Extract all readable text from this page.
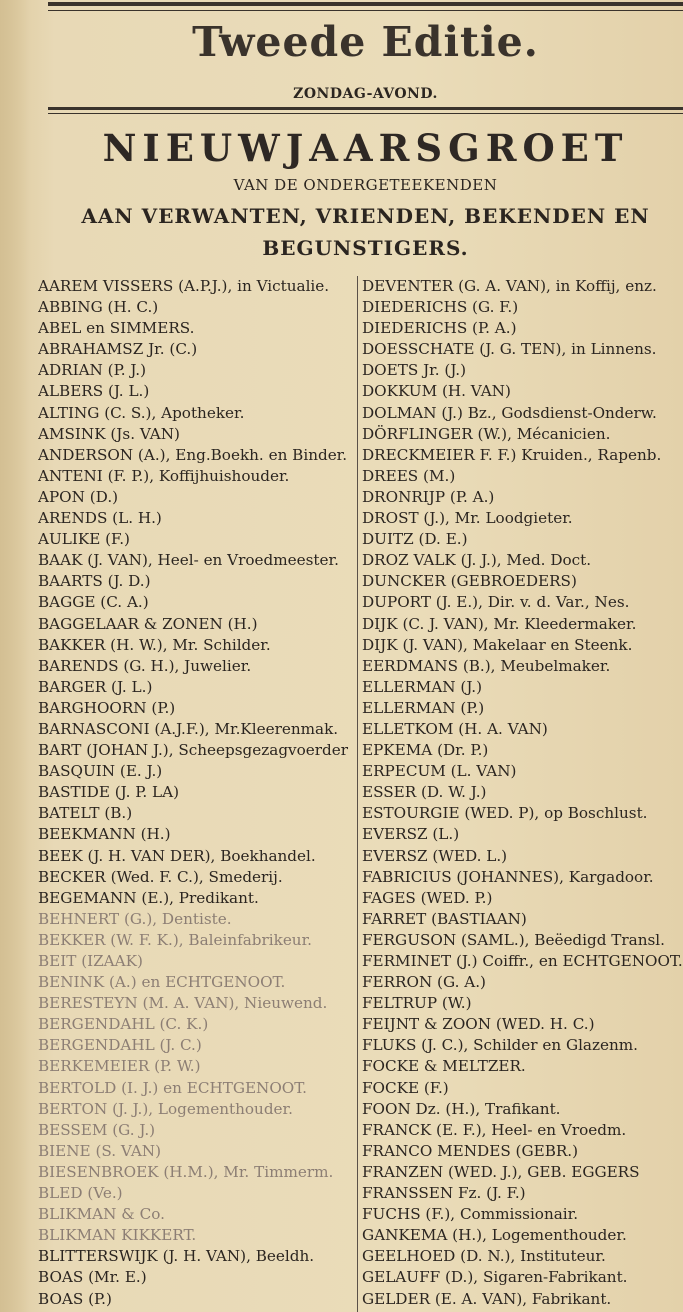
Tweede Editie.
ZONDAG-AVOND.
NIEUWJAARSGROET
VAN DE ONDERGETEEKENDEN
AAN VERWANTEN, VRIENDEN, BEKENDEN EN
BEGUNSTIGERS.
AAREM VISSERS (A.P.J.), in Victualie.
ABBING (H. C.)
ABEL en SIMMERS.
ABRAHAMSZ Jr. (C.)
ADRIAN (P. J.)
ALBERS (J. L.)
ALTING (C. S.), Apotheker.
AMSINK (Js. VAN)
ANDERSON (A.), Eng.Boekh. en Binder.
ANTENI (F. P.), Koffijhuishouder.
APON (D.)
ARENDS (L. H.)
AULIKE (F.)
BAAK (J. VAN), Heel- en Vroedmeester.
BAARTS (J. D.)
BAGGE (C. A.)
BAGGELAAR & ZONEN (H.)
BAKKER (H. W.), Mr. Schilder.
BARENDS (G. H.), Juwelier.
BARGER (J. L.)
BARGHOORN (P.)
BARNASCONI (A.J.F.), Mr.Kleerenmak.
BART (JOHAN J.), Scheepsgezagvoerder
BASQUIN (E. J.)
BASTIDE (J. P. LA)
BATELT (B.)
BEEKMANN (H.)
BEEK (J. H. VAN DER), Boekhandel.
BECKER (Wed. F. C.), Smederij.
BEGEMANN (E.), Predikant.
BEHNERT (G.), Dentiste.
BEKKER (W. F. K.), Baleinfabrikeur.
BEIT (IZAAK)
BENINK (A.) en ECHTGENOOT.
BERESTEYN (M. A. VAN), Nieuwend.
BERGENDAHL (C. K.)
BERGENDAHL (J. C.)
BERKEMEIER (P. W.)
BERTOLD (I. J.) en ECHTGENOOT.
BERTON (J. J.), Logementhouder.
BESSEM (G. J.)
BIENE (S. VAN)
BIESENBROEK (H.M.), Mr. Timmerm.
BLED (Ve.)
BLIKMAN & Co.
BLIKMAN KIKKERT.
BLITTERSWIJK (J. H. VAN), Beeldh.
BOAS (Mr. E.)
BOAS (P.)
DEVENTER (G. A. VAN), in Koffij, enz.
DIEDERICHS (G. F.)
DIEDERICHS (P. A.)
DOESSCHATE (J. G. TEN), in Linnens.
DOETS Jr. (J.)
DOKKUM (H. VAN)
DOLMAN (J.) Bz., Godsdienst-Onderw.
DÖRFLINGER (W.), Mécanicien.
DRECKMEIER F. F.) Kruiden., Rapenb.
DREES (M.)
DRONRIJP (P. A.)
DROST (J.), Mr. Loodgieter.
DUITZ (D. E.)
DROZ VALK (J. J.), Med. Doct.
DUNCKER (GEBROEDERS)
DUPORT (J. E.), Dir. v. d. Var., Nes.
DIJK (C. J. VAN), Mr. Kleedermaker.
DIJK (J. VAN), Makelaar en Steenk.
EERDMANS (B.), Meubelmaker.
ELLERMAN (J.)
ELLERMAN (P.)
ELLETKOM (H. A. VAN)
EPKEMA (Dr. P.)
ERPECUM (L. VAN)
ESSER (D. W. J.)
ESTOURGIE (WED. P), op Boschlust.
EVERSZ (L.)
EVERSZ (WED. L.)
FABRICIUS (JOHANNES), Kargadoor.
FAGES (WED. P.)
FARRET (BASTIAAN)
FERGUSON (SAML.), Beëedigd Transl.
FERMINET (J.) Coiffr., en ECHTGENOOT.
FERRON (G. A.)
FELTRUP (W.)
FEIJNT & ZOON (WED. H. C.)
FLUKS (J. C.), Schilder en Glazenm.
FOCKE & MELTZER.
FOCKE (F.)
FOON Dz. (H.), Trafikant.
FRANCK (E. F.), Heel- en Vroedm.
FRANCO MENDES (GEBR.)
FRANZEN (WED. J.), GEB. EGGERS
FRANSSEN Fz. (J. F.)
FUCHS (F.), Commissionair.
GANKEMA (H.), Logementhouder.
GEELHOED (D. N.), Instituteur.
GELAUFF (D.), Sigaren-Fabrikant.
GELDER (E. A. VAN), Fabrikant.
